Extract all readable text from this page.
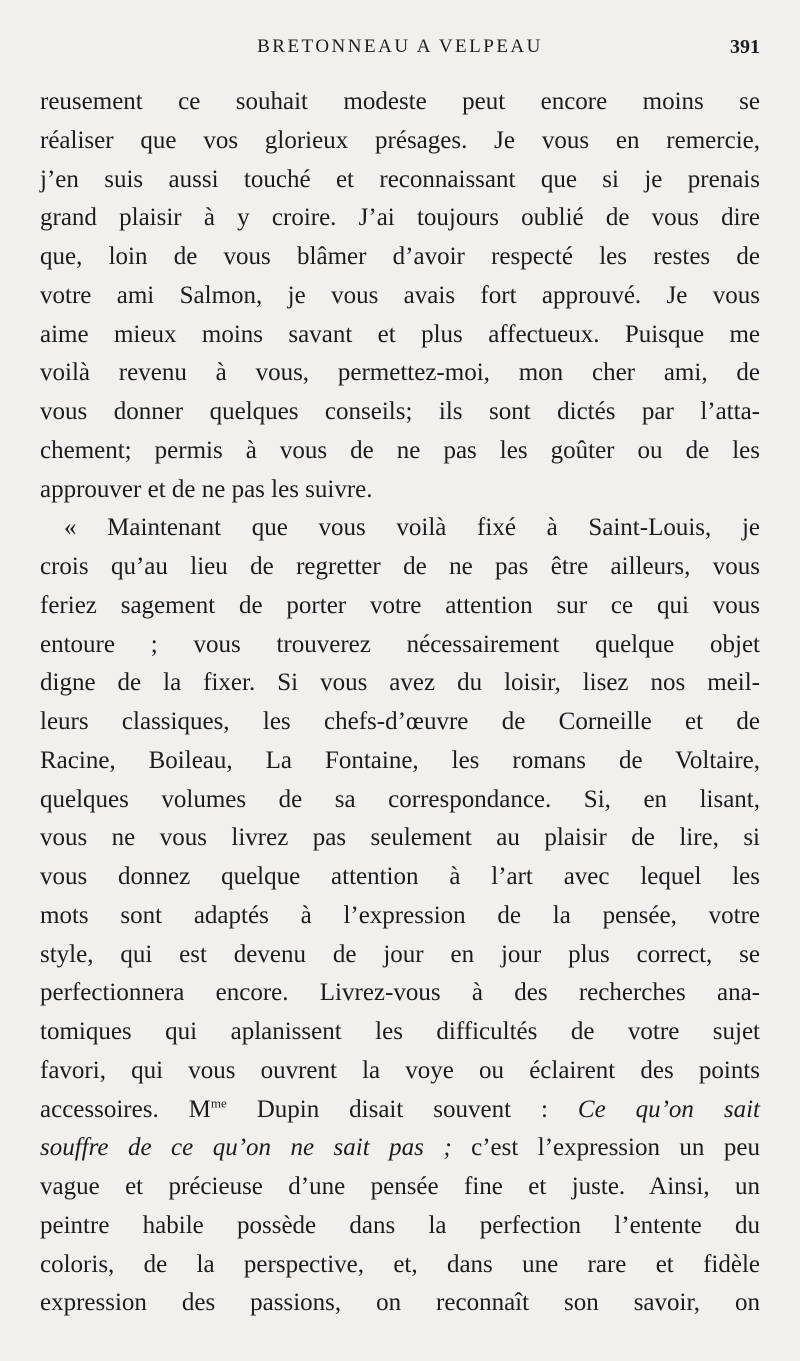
BRETONNEAU A VELPEAU	391
reusement ce souhait modeste peut encore moins se
réaliser que vos glorieux présages. Je vous en remercie,
j’en suis aussi touché et reconnaissant que si je prenais
grand plaisir à y croire. J’ai toujours oublié de vous dire
que, loin de vous blâmer d’avoir respecté les restes de
votre ami Salmon, je vous avais fort approuvé. Je vous
aime mieux moins savant et plus affectueux. Puisque me
voilà revenu à vous, permettez-moi, mon cher ami, de
vous donner quelques conseils; ils sont dictés par l’atta-
chement; permis à vous de ne pas les goûter ou de les
approuver et de ne pas les suivre.
« Maintenant que vous voilà fixé à Saint-Louis, je
crois qu’au lieu de regretter de ne pas être ailleurs, vous
feriez sagement de porter votre attention sur ce qui vous
entoure ; vous trouverez nécessairement quelque objet
digne de la fixer. Si vous avez du loisir, lisez nos meil-
leurs classiques, les chefs-d’œuvre de Corneille et de
Racine, Boileau, La Fontaine, les romans de Voltaire,
quelques volumes de sa correspondance. Si, en lisant,
vous ne vous livrez pas seulement au plaisir de lire, si
vous donnez quelque attention à l’art avec lequel les
mots sont adaptés à l’expression de la pensée, votre
style, qui est devenu de jour en jour plus correct, se
perfectionnera encore. Livrez-vous à des recherches ana-
tomiques qui aplanissent les difficultés de votre sujet
favori, qui vous ouvrent la voye ou éclairent des points
accessoires. $M^{me}$ Dupin disait souvent : Ce qu’on sait
souffre de ce qu’on ne sait pas ; c’est l’expression un peu
vague et précieuse d’une pensée fine et juste. Ainsi, un
peintre habile possède dans la perfection l’entente du
coloris, de la perspective, et, dans une rare et fidèle
expression des passions, on reconnaît son savoir, on
